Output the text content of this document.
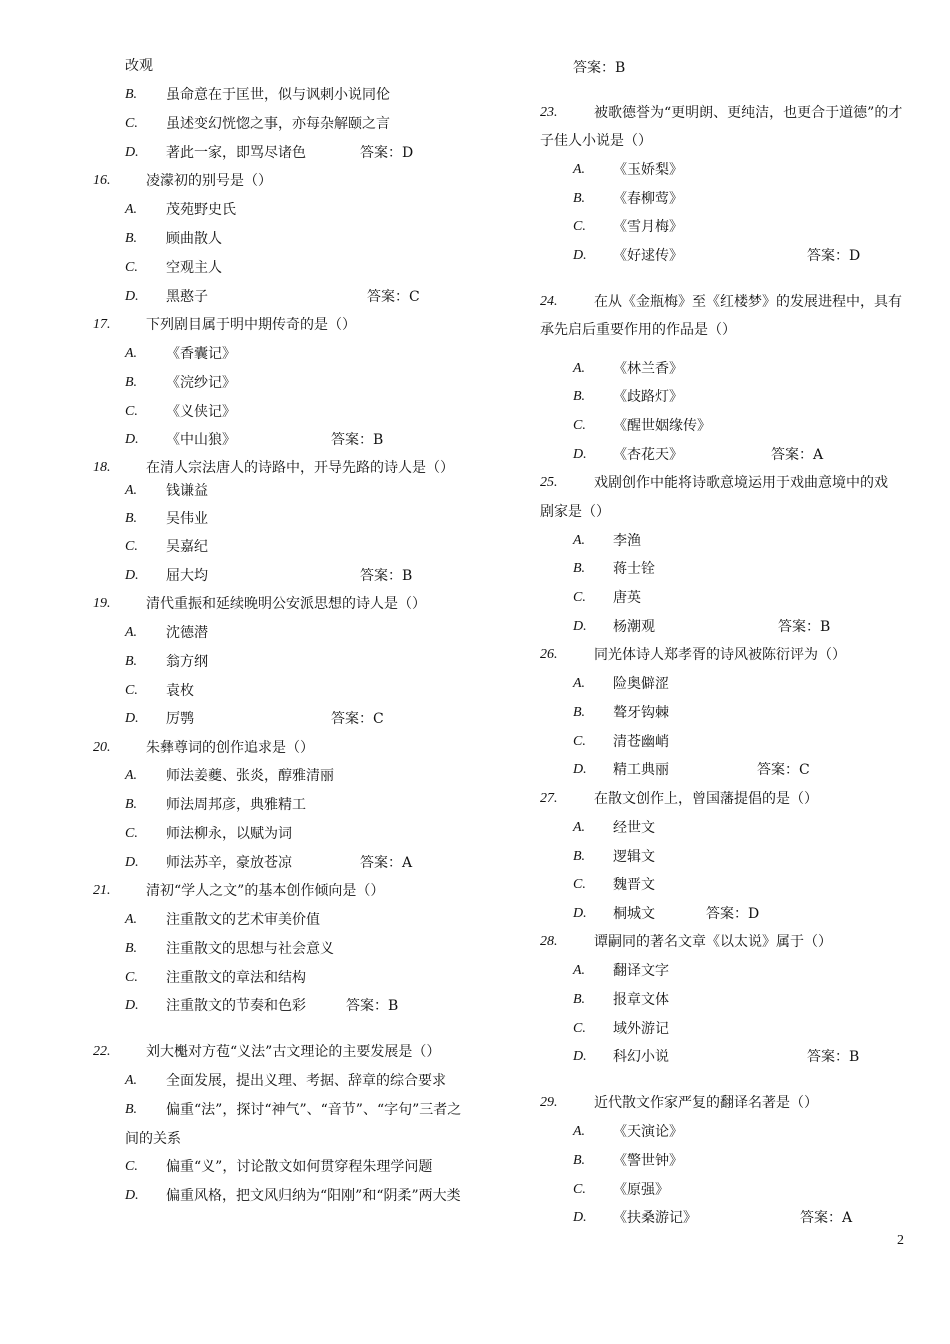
改观
B. 虽命意在于匡世，似与讽刺小说同伦
C. 虽述变幻恍惚之事，亦每杂解颐之言
D. 著此一家，即骂尽诸色	答案：D
16.	凌濛初的别号是（）
A. 茂苑野史氏
B. 顾曲散人
C. 空观主人
D. 黑憨子	答案：C
17.	下列剧目属于明中期传奇的是（）
A. 《香囊记》
B. 《浣纱记》
C. 《义侠记》
D. 《中山狼》	答案：B
18.	在清人宗法唐人的诗路中，开导先路的诗人是（）
A. 钱谦益
B. 吴伟业
C. 吴嘉纪
D. 屈大均	答案：B
19.	清代重振和延续晚明公安派思想的诗人是（）
A. 沈德潜
B. 翁方纲
C. 袁枚
D. 厉鹗	答案：C
20.	朱彝尊词的创作追求是（）
A. 师法姜夔、张炎，醇雅清丽
B. 师法周邦彦，典雅精工
C. 师法柳永，以赋为词
D. 师法苏辛，豪放苍凉	答案：A
21.	清初“学人之文”的基本创作倾向是（）
A. 注重散文的艺术审美价值
B. 注重散文的思想与社会意义
C. 注重散文的章法和结构
D. 注重散文的节奏和色彩	答案：B
22.	刘大櫆对方苞“义法”古文理论的主要发展是（）
A. 全面发展，提出义理、考据、辞章的综合要求
B. 偏重“法”，探讨“神气”、“音节”、“字句”三者之
间的关系
C. 偏重“义”，讨论散文如何贯穿程朱理学问题
D. 偏重风格，把文风归纳为“阳刚”和“阴柔”两大类
答案：B
23.	被歌德誉为“更明朗、更纯洁，也更合于道德”的才
子佳人小说是（）
A. 《玉娇梨》
B. 《春柳莺》
C. 《雪月梅》
D. 《好逑传》	答案：D
24.	在从《金瓶梅》至《红楼梦》的发展进程中，具有
承先启后重要作用的作品是（）
A. 《林兰香》
B. 《歧路灯》
C. 《醒世姻缘传》
D. 《杏花天》	答案：A
25.	戏剧创作中能将诗歌意境运用于戏曲意境中的戏
剧家是（）
A. 李渔
B. 蒋士铨
C. 唐英
D. 杨潮观	答案：B
26.	同光体诗人郑孝胥的诗风被陈衍评为（）
A. 险奥僻涩
B. 聱牙钩棘
C. 清苍幽峭
D. 精工典丽	答案：C
27.	在散文创作上，曾国藩提倡的是（）
A. 经世文
B. 逻辑文
C. 魏晋文
D. 桐城文	答案：D
28.	谭嗣同的著名文章《以太说》属于（）
A. 翻译文字
B. 报章文体
C. 域外游记
D. 科幻小说	答案：B
29.	近代散文作家严复的翻译名著是（）
A. 《天演论》
B. 《警世钟》
C. 《原强》
D. 《扶桑游记》	答案：A
2
